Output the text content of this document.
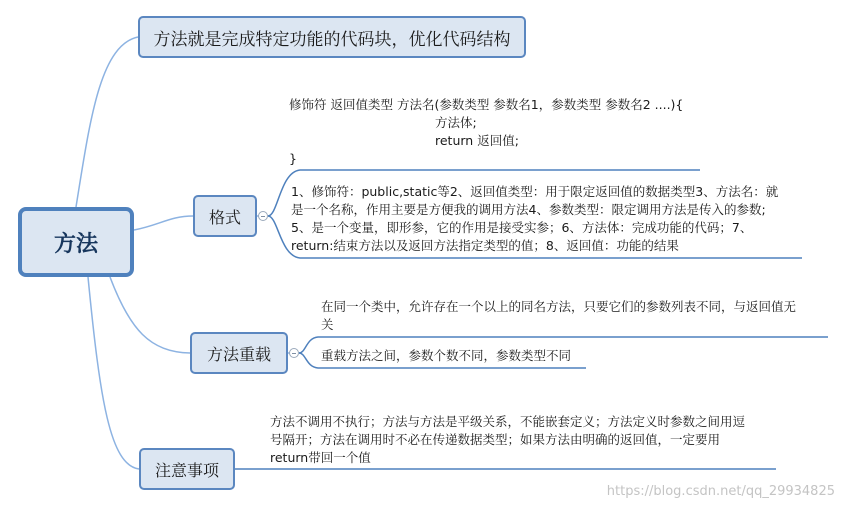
方法
方法就是完成特定功能的代码块，优化代码结构
格式
修饰符 返回值类型 方法名(参数类型 参数名1，参数类型 参数名2 ....){
方法体;
return 返回值;
}
1、修饰符：public,static等2、返回值类型：用于限定返回值的数据类型3、方法名：就
是一个名称，作用主要是方便我的调用方法4、参数类型：限定调用方法是传入的参数;
5、是一个变量，即形参，它的作用是接受实参；6、方法体：完成功能的代码；7、
return:结束方法以及返回方法指定类型的值；8、返回值：功能的结果
方法重载
在同一个类中，允许存在一个以上的同名方法，只要它们的参数列表不同，与返回值无
关
重载方法之间，参数个数不同，参数类型不同
注意事项
方法不调用不执行；方法与方法是平级关系，不能嵌套定义；方法定义时参数之间用逗
号隔开；方法在调用时不必在传递数据类型；如果方法由明确的返回值，一定要用
return带回一个值
https://blog.csdn.net/qq_29934825
